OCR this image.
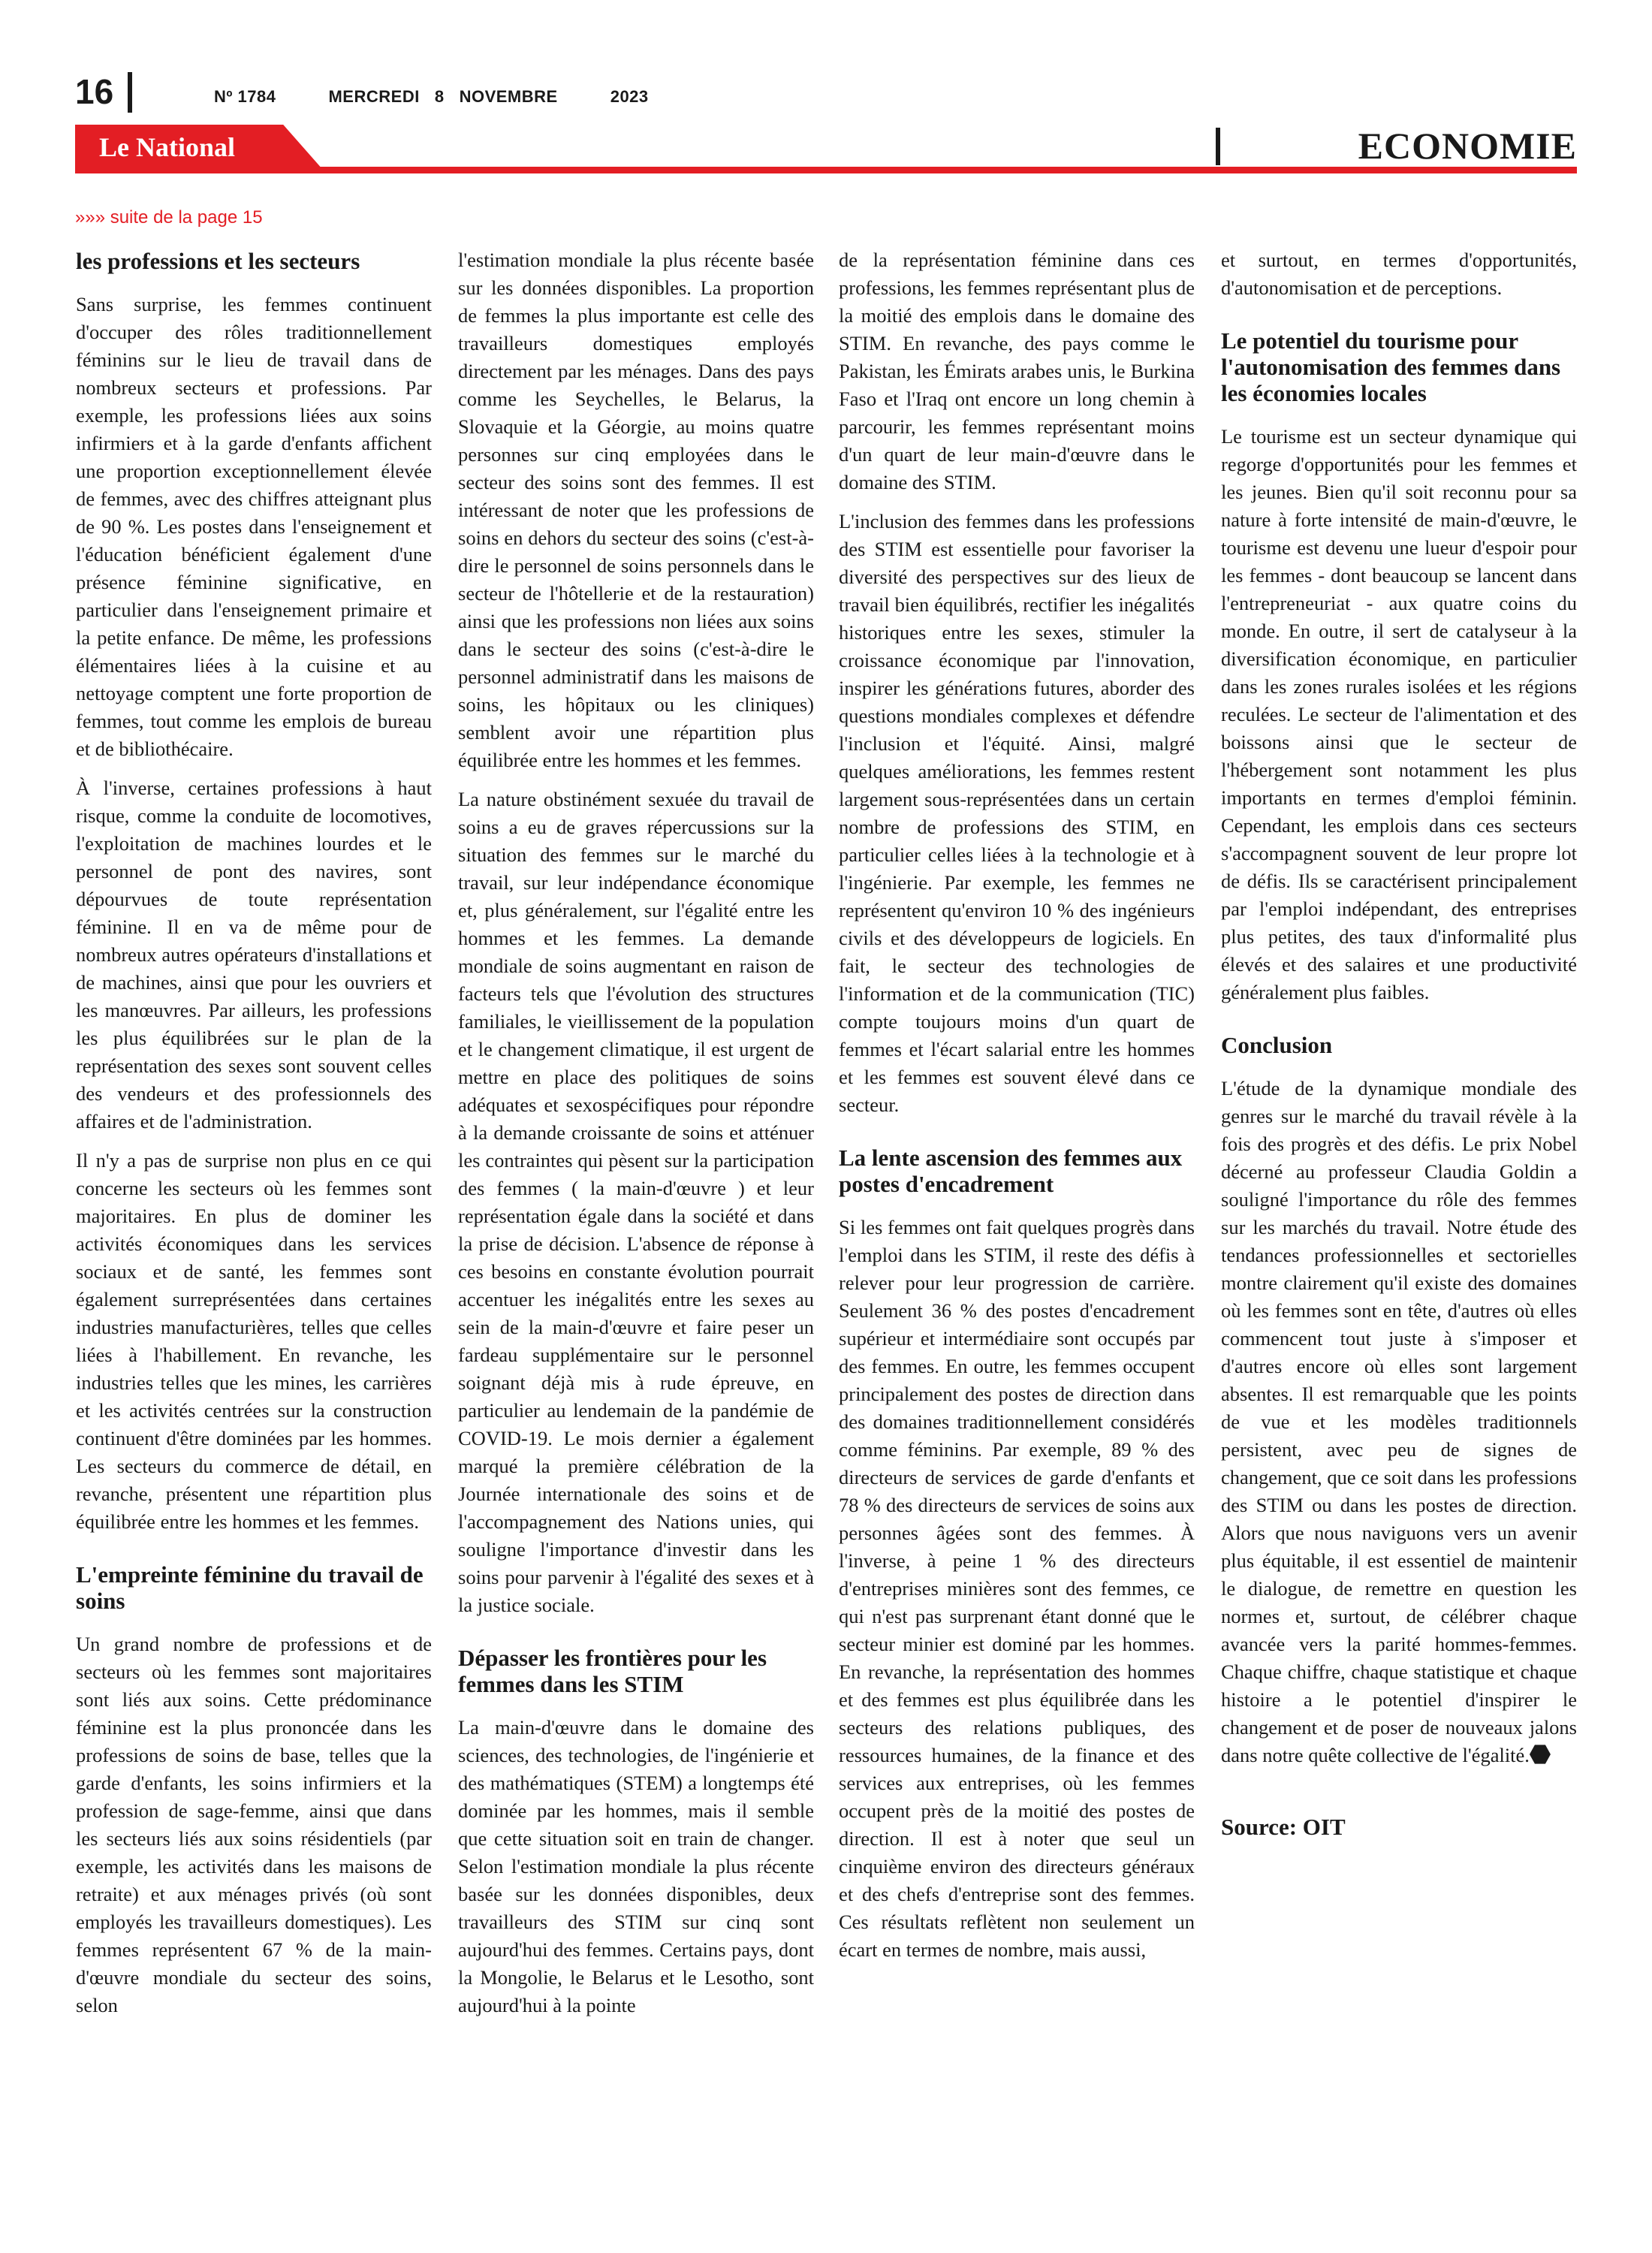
16	Nº 1784	MERCREDI 8 NOVEMBRE	2023
Le National	ECONOMIE
»»» suite de la page 15
les professions et les secteurs

Sans surprise, les femmes continuent d'occuper des rôles traditionnellement féminins sur le lieu de travail dans de nombreux secteurs et professions. Par exemple, les professions liées aux soins infirmiers et à la garde d'enfants affichent une proportion exceptionnellement élevée de femmes, avec des chiffres atteignant plus de 90 %. Les postes dans l'enseignement et l'éducation bénéficient également d'une présence féminine significative, en particulier dans l'enseignement primaire et la petite enfance. De même, les professions élémentaires liées à la cuisine et au nettoyage comptent une forte proportion de femmes, tout comme les emplois de bureau et de bibliothécaire.

À l'inverse, certaines professions à haut risque, comme la conduite de locomotives, l'exploitation de machines lourdes et le personnel de pont des navires, sont dépourvues de toute représentation féminine. Il en va de même pour de nombreux autres opérateurs d'installations et de machines, ainsi que pour les ouvriers et les manœuvres. Par ailleurs, les professions les plus équilibrées sur le plan de la représentation des sexes sont souvent celles des vendeurs et des professionnels des affaires et de l'administration.

Il n'y a pas de surprise non plus en ce qui concerne les secteurs où les femmes sont majoritaires. En plus de dominer les activités économiques dans les services sociaux et de santé, les femmes sont également surreprésentées dans certaines industries manufacturières, telles que celles liées à l'habillement. En revanche, les industries telles que les mines, les carrières et les activités centrées sur la construction continuent d'être dominées par les hommes. Les secteurs du commerce de détail, en revanche, présentent une répartition plus équilibrée entre les hommes et les femmes.

L'empreinte féminine du travail de soins

Un grand nombre de professions et de secteurs où les femmes sont majoritaires sont liés aux soins. Cette prédominance féminine est la plus prononcée dans les professions de soins de base, telles que la garde d'enfants, les soins infirmiers et la profession de sage-femme, ainsi que dans les secteurs liés aux soins résidentiels (par exemple, les activités dans les maisons de retraite) et aux ménages privés (où sont employés les travailleurs domestiques). Les femmes représentent 67 % de la main-d'œuvre mondiale du secteur des soins, selon

l'estimation mondiale la plus récente basée sur les données disponibles. La proportion de femmes la plus importante est celle des travailleurs domestiques employés directement par les ménages. Dans des pays comme les Seychelles, le Belarus, la Slovaquie et la Géorgie, au moins quatre personnes sur cinq employées dans le secteur des soins sont des femmes. Il est intéressant de noter que les professions de soins en dehors du secteur des soins (c'est-à-dire le personnel de soins personnels dans le secteur de l'hôtellerie et de la restauration) ainsi que les professions non liées aux soins dans le secteur des soins (c'est-à-dire le personnel administratif dans les maisons de soins, les hôpitaux ou les cliniques) semblent avoir une répartition plus équilibrée entre les hommes et les femmes.

La nature obstinément sexuée du travail de soins a eu de graves répercussions sur la situation des femmes sur le marché du travail, sur leur indépendance économique et, plus généralement, sur l'égalité entre les hommes et les femmes. La demande mondiale de soins augmentant en raison de facteurs tels que l'évolution des structures familiales, le vieillissement de la population et le changement climatique, il est urgent de mettre en place des politiques de soins adéquates et sexospécifiques pour répondre à la demande croissante de soins et atténuer les contraintes qui pèsent sur la participation des femmes ( la main-d'œuvre ) et leur représentation égale dans la société et dans la prise de décision. L'absence de réponse à ces besoins en constante évolution pourrait accentuer les inégalités entre les sexes au sein de la main-d'œuvre et faire peser un fardeau supplémentaire sur le personnel soignant déjà mis à rude épreuve, en particulier au lendemain de la pandémie de COVID-19. Le mois dernier a également marqué la première célébration de la Journée internationale des soins et de l'accompagnement des Nations unies, qui souligne l'importance d'investir dans les soins pour parvenir à l'égalité des sexes et à la justice sociale.

Dépasser les frontières pour les femmes dans les STIM

La main-d'œuvre dans le domaine des sciences, des technologies, de l'ingénierie et des mathématiques (STEM) a longtemps été dominée par les hommes, mais il semble que cette situation soit en train de changer. Selon l'estimation mondiale la plus récente basée sur les données disponibles, deux travailleurs des STIM sur cinq sont aujourd'hui des femmes. Certains pays, dont la Mongolie, le Belarus et le Lesotho, sont aujourd'hui à la pointe

de la représentation féminine dans ces professions, les femmes représentant plus de la moitié des emplois dans le domaine des STIM. En revanche, des pays comme le Pakistan, les Émirats arabes unis, le Burkina Faso et l'Iraq ont encore un long chemin à parcourir, les femmes représentant moins d'un quart de leur main-d'œuvre dans le domaine des STIM.

L'inclusion des femmes dans les professions des STIM est essentielle pour favoriser la diversité des perspectives sur des lieux de travail bien équilibrés, rectifier les inégalités historiques entre les sexes, stimuler la croissance économique par l'innovation, inspirer les générations futures, aborder des questions mondiales complexes et défendre l'inclusion et l'équité. Ainsi, malgré quelques améliorations, les femmes restent largement sous-représentées dans un certain nombre de professions des STIM, en particulier celles liées à la technologie et à l'ingénierie. Par exemple, les femmes ne représentent qu'environ 10 % des ingénieurs civils et des développeurs de logiciels. En fait, le secteur des technologies de l'information et de la communication (TIC) compte toujours moins d'un quart de femmes et l'écart salarial entre les hommes et les femmes est souvent élevé dans ce secteur.

La lente ascension des femmes aux postes d'encadrement

Si les femmes ont fait quelques progrès dans l'emploi dans les STIM, il reste des défis à relever pour leur progression de carrière. Seulement 36 % des postes d'encadrement supérieur et intermédiaire sont occupés par des femmes. En outre, les femmes occupent principalement des postes de direction dans des domaines traditionnellement considérés comme féminins. Par exemple, 89 % des directeurs de services de garde d'enfants et 78 % des directeurs de services de soins aux personnes âgées sont des femmes. À l'inverse, à peine 1 % des directeurs d'entreprises minières sont des femmes, ce qui n'est pas surprenant étant donné que le secteur minier est dominé par les hommes. En revanche, la représentation des hommes et des femmes est plus équilibrée dans les secteurs des relations publiques, des ressources humaines, de la finance et des services aux entreprises, où les femmes occupent près de la moitié des postes de direction. Il est à noter que seul un cinquième environ des directeurs généraux et des chefs d'entreprise sont des femmes. Ces résultats reflètent non seulement un écart en termes de nombre, mais aussi,

et surtout, en termes d'opportunités, d'autonomisation et de perceptions.

Le potentiel du tourisme pour l'autonomisation des femmes dans les économies locales

Le tourisme est un secteur dynamique qui regorge d'opportunités pour les femmes et les jeunes. Bien qu'il soit reconnu pour sa nature à forte intensité de main-d'œuvre, le tourisme est devenu une lueur d'espoir pour les femmes - dont beaucoup se lancent dans l'entrepreneuriat - aux quatre coins du monde. En outre, il sert de catalyseur à la diversification économique, en particulier dans les zones rurales isolées et les régions reculées. Le secteur de l'alimentation et des boissons ainsi que le secteur de l'hébergement sont notamment les plus importants en termes d'emploi féminin. Cependant, les emplois dans ces secteurs s'accompagnent souvent de leur propre lot de défis. Ils se caractérisent principalement par l'emploi indépendant, des entreprises plus petites, des taux d'informalité plus élevés et des salaires et une productivité généralement plus faibles.

Conclusion

L'étude de la dynamique mondiale des genres sur le marché du travail révèle à la fois des progrès et des défis. Le prix Nobel décerné au professeur Claudia Goldin a souligné l'importance du rôle des femmes sur les marchés du travail. Notre étude des tendances professionnelles et sectorielles montre clairement qu'il existe des domaines où les femmes sont en tête, d'autres où elles commencent tout juste à s'imposer et d'autres encore où elles sont largement absentes. Il est remarquable que les points de vue et les modèles traditionnels persistent, avec peu de signes de changement, que ce soit dans les professions des STIM ou dans les postes de direction. Alors que nous naviguons vers un avenir plus équitable, il est essentiel de maintenir le dialogue, de remettre en question les normes et, surtout, de célébrer chaque avancée vers la parité hommes-femmes. Chaque chiffre, chaque statistique et chaque histoire a le potentiel d'inspirer le changement et de poser de nouveaux jalons dans notre quête collective de l'égalité.

Source: OIT
